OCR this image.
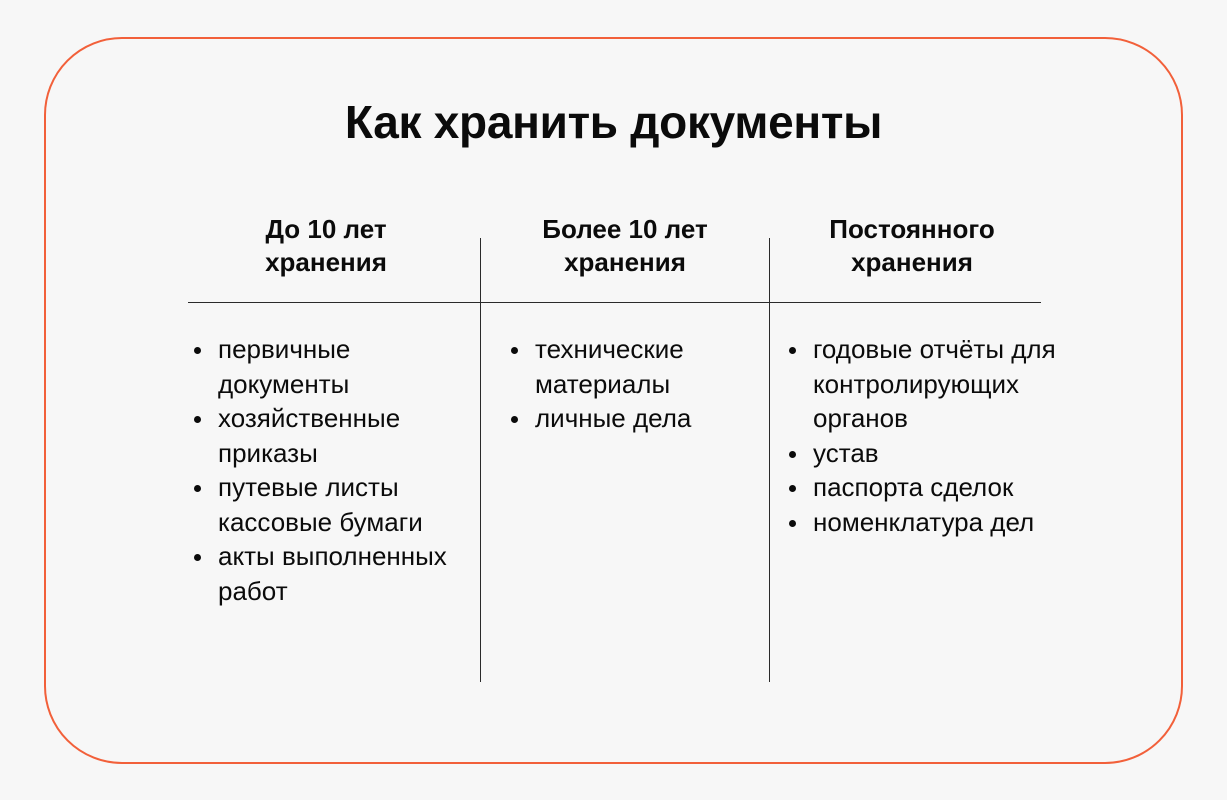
Как хранить документы
До 10 лет
хранения
Более 10 лет
хранения
Постоянного
хранения
первичные документы
хозяйственные приказы
путевые листы кассовые бумаги
акты выполненных работ
технические материалы
личные дела
годовые отчёты для контролирующих органов
устав
паспорта сделок
номенклатура дел
